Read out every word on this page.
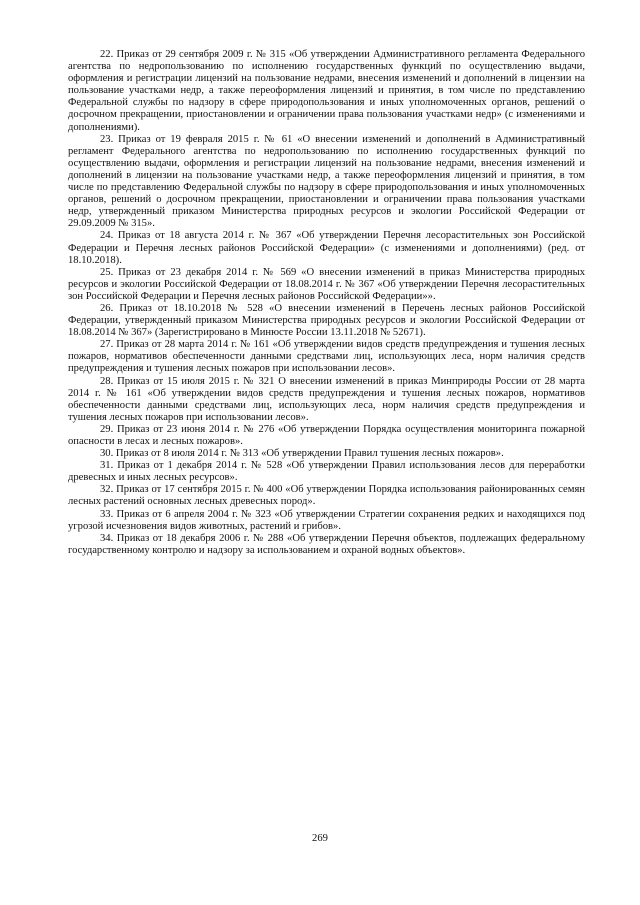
22. Приказ от 29 сентября 2009 г. № 315 «Об утверждении Административного регламента Федерального агентства по недропользованию по исполнению государственных функций по осуществлению выдачи, оформления и регистрации лицензий на пользование недрами, внесения изменений и дополнений в лицензии на пользование участками недр, а также переоформления лицензий и принятия, в том числе по представлению Федеральной службы по надзору в сфере природопользования и иных уполномоченных органов, решений о досрочном прекращении, приостановлении и ограничении права пользования участками недр» (с изменениями и дополнениями).

23. Приказ от 19 февраля 2015 г. № 61 «О внесении изменений и дополнений в Административный регламент Федерального агентства по недропользованию по исполнению государственных функций по осуществлению выдачи, оформления и регистрации лицензий на пользование недрами, внесения изменений и дополнений в лицензии на пользование участками недр, а также переоформления лицензий и принятия, в том числе по представлению Федеральной службы по надзору в сфере природопользования и иных уполномоченных органов, решений о досрочном прекращении, приостановлении и ограничении права пользования участками недр, утвержденный приказом Министерства природных ресурсов и экологии Российской Федерации от 29.09.2009 № 315».

24. Приказ от 18 августа 2014 г. № 367 «Об утверждении Перечня лесорастительных зон Российской Федерации и Перечня лесных районов Российской Федерации» (с изменениями и дополнениями) (ред. от 18.10.2018).

25. Приказ от 23 декабря 2014 г. № 569 «О внесении изменений в приказ Министерства природных ресурсов и экологии Российской Федерации от 18.08.2014 г. № 367 «Об утверждении Перечня лесорастительных зон Российской Федерации и Перечня лесных районов Российской Федерации»».

26. Приказ от 18.10.2018 № 528 «О внесении изменений в Перечень лесных районов Российской Федерации, утвержденный приказом Министерства природных ресурсов и экологии Российской Федерации от 18.08.2014 № 367» (Зарегистрировано в Минюсте России 13.11.2018 № 52671).

27. Приказ от 28 марта 2014 г. № 161 «Об утверждении видов средств предупреждения и тушения лесных пожаров, нормативов обеспеченности данными средствами лиц, использующих леса, норм наличия средств предупреждения и тушения лесных пожаров при использовании лесов».

28. Приказ от 15 июля 2015 г. № 321 О внесении изменений в приказ Минприроды России от 28 марта 2014 г. № 161 «Об утверждении видов средств предупреждения и тушения лесных пожаров, нормативов обеспеченности данными средствами лиц, использующих леса, норм наличия средств предупреждения и тушения лесных пожаров при использовании лесов».

29. Приказ от 23 июня 2014 г. № 276 «Об утверждении Порядка осуществления мониторинга пожарной опасности в лесах и лесных пожаров».

30. Приказ от 8 июля 2014 г. № 313 «Об утверждении Правил тушения лесных пожаров».

31. Приказ от 1 декабря 2014 г. № 528 «Об утверждении Правил использования лесов для переработки древесных и иных лесных ресурсов».

32. Приказ от 17 сентября 2015 г. № 400 «Об утверждении Порядка использования районированных семян лесных растений основных лесных древесных пород».

33. Приказ от 6 апреля 2004 г. № 323 «Об утверждении Стратегии сохранения редких и находящихся под угрозой исчезновения видов животных, растений и грибов».

34. Приказ от 18 декабря 2006 г. № 288 «Об утверждении Перечня объектов, подлежащих федеральному государственному контролю и надзору за использованием и охраной водных объектов».

269
